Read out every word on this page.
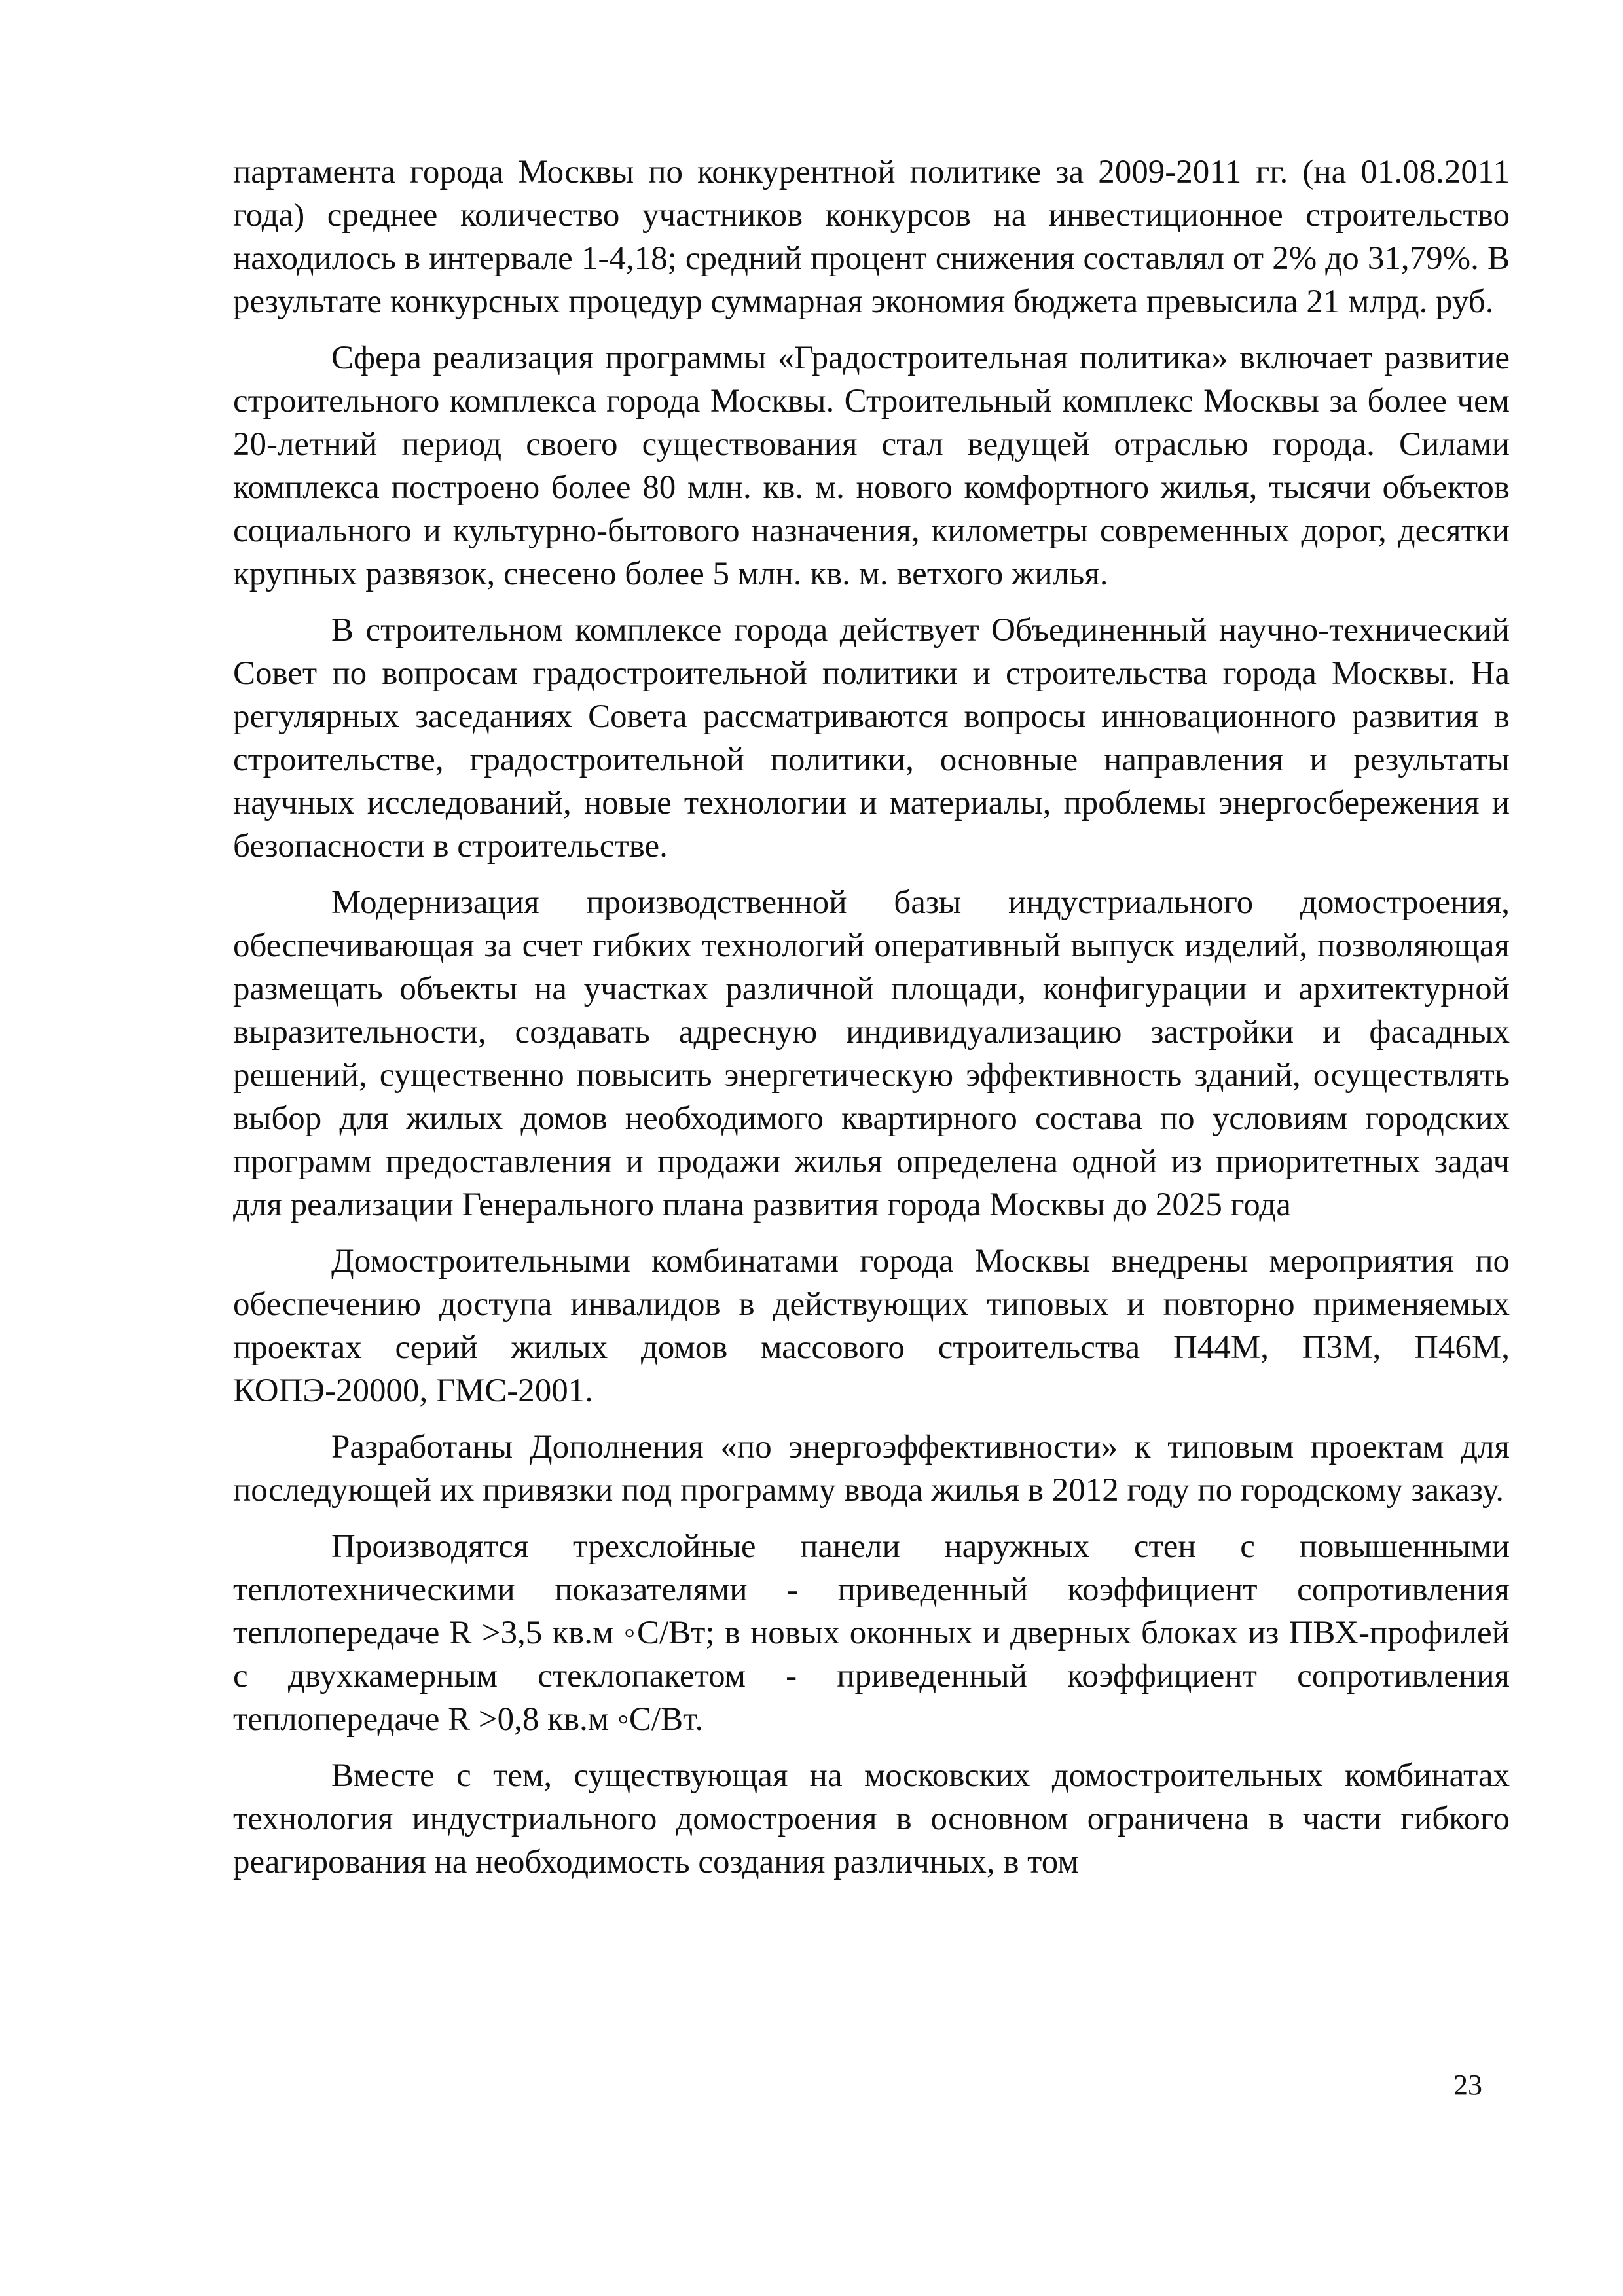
партамента города Москвы по конкурентной политике за 2009-2011 гг. (на 01.08.2011 года) среднее количество участников конкурсов на инвестиционное строительство находилось в интервале 1-4,18; средний процент снижения составлял от 2% до 31,79%. В результате конкурсных процедур суммарная экономия бюджета превысила 21 млрд. руб.

Сфера реализация программы «Градостроительная политика» включает развитие строительного комплекса города Москвы. Строительный комплекс Москвы за более чем 20-летний период своего существования стал ведущей отраслью города. Силами комплекса построено более 80 млн. кв. м. нового комфортного жилья, тысячи объектов социального и культурно-бытового назначения, километры современных дорог, десятки крупных развязок, снесено более 5 млн. кв. м. ветхого жилья.

В строительном комплексе города действует Объединенный научно-технический Совет по вопросам градостроительной политики и строительства города Москвы. На регулярных заседаниях Совета рассматриваются вопросы инновационного развития в строительстве, градостроительной политики, основные направления и результаты научных исследований, новые технологии и материалы, проблемы энергосбережения и безопасности в строительстве.

Модернизация производственной базы индустриального домостроения, обеспечивающая за счет гибких технологий оперативный выпуск изделий, позволяющая размещать объекты на участках различной площади, конфигурации и архитектурной выразительности, создавать адресную индивидуализацию застройки и фасадных решений, существенно повысить энергетическую эффективность зданий, осуществлять выбор для жилых домов необходимого квартирного состава по условиям городских программ предоставления и продажи жилья определена одной из приоритетных задач для реализации Генерального плана развития города Москвы до 2025 года

Домостроительными комбинатами города Москвы внедрены мероприятия по обеспечению доступа инвалидов в действующих типовых и повторно применяемых проектах серий жилых домов массового строительства П44М, П3М, П46М, КОПЭ-20000, ГМС-2001.

Разработаны Дополнения «по энергоэффективности» к типовым проектам для последующей их привязки под программу ввода жилья в 2012 году по городскому заказу.

Производятся трехслойные панели наружных стен с повышенными теплотехническими показателями - приведенный коэффициент сопротивления теплопередаче R >3,5 кв.м ◦С/Вт; в новых оконных и дверных блоках из ПВХ-профилей с двухкамерным стеклопакетом - приведенный коэффициент сопротивления теплопередаче R >0,8 кв.м ◦С/Вт.

Вместе с тем, существующая на московских домостроительных комбинатах технология индустриального домостроения в основном ограничена в части гибкого реагирования на необходимость создания различных, в том

23
